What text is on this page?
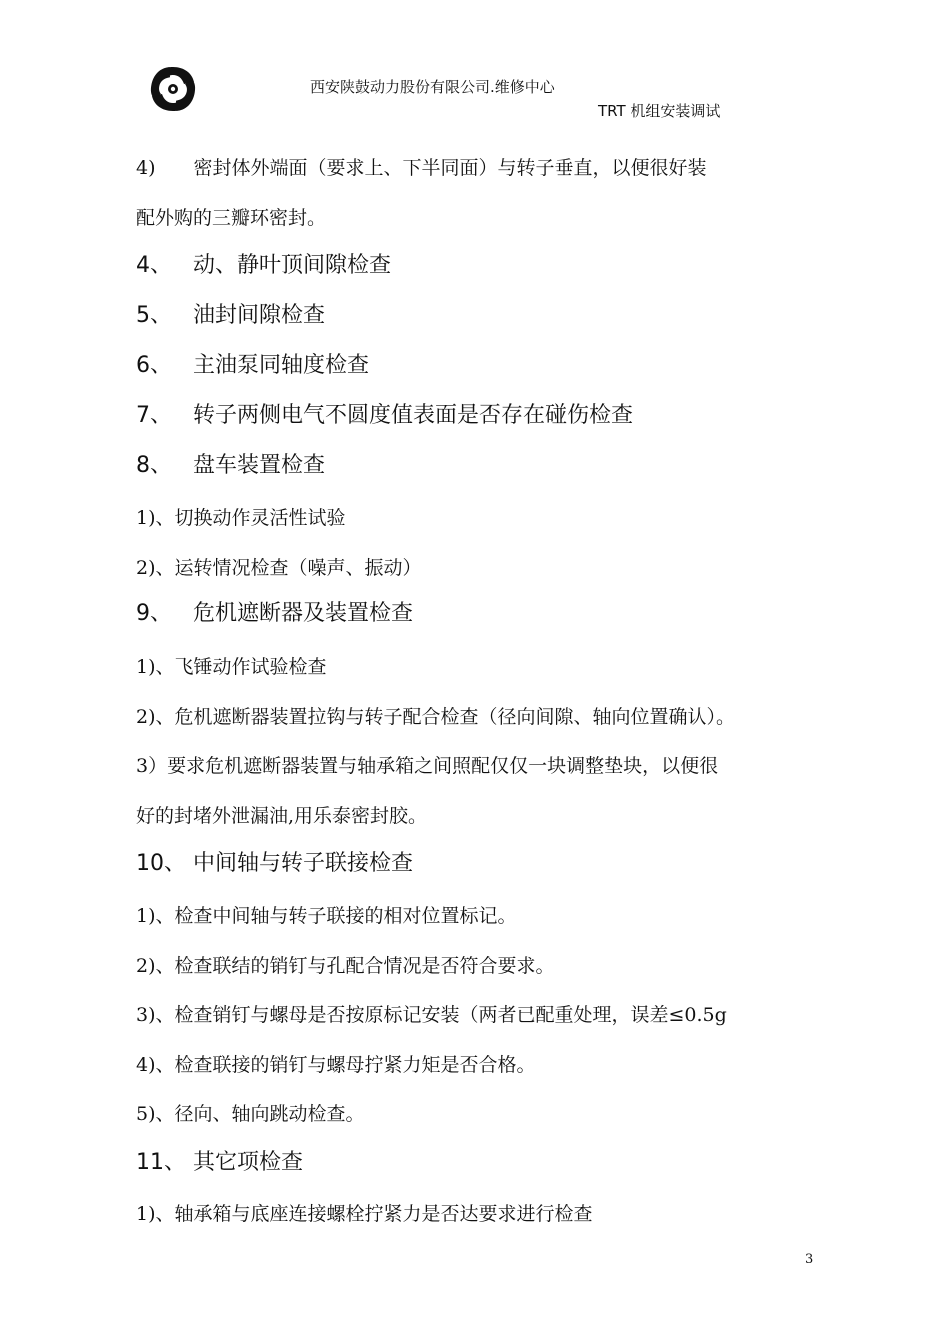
西安陕鼓动力股份有限公司.维修中心
TRT 机组安装调试
4)　　密封体外端面（要求上、下半同面）与转子垂直，以便很好装
配外购的三瓣环密封。
4、 动、静叶顶间隙检查
5、 油封间隙检查
6、 主油泵同轴度检查
7、 转子两侧电气不圆度值表面是否存在碰伤检查
8、 盘车装置检查
1)、切换动作灵活性试验
2)、运转情况检查（噪声、振动）
9、 危机遮断器及装置检查
1)、飞锤动作试验检查
2)、危机遮断器装置拉钩与转子配合检查（径向间隙、轴向位置确认）。
3）要求危机遮断器装置与轴承箱之间照配仅仅一块调整垫块，以便很
好的封堵外泄漏油,用乐泰密封胶。
10、 中间轴与转子联接检查
1)、检查中间轴与转子联接的相对位置标记。
2)、检查联结的销钉与孔配合情况是否符合要求。
3)、检查销钉与螺母是否按原标记安装（两者已配重处理，误差≤0.5g
4)、检查联接的销钉与螺母拧紧力矩是否合格。
5)、径向、轴向跳动检查。
11、 其它项检查
1)、轴承箱与底座连接螺栓拧紧力是否达要求进行检查
3
